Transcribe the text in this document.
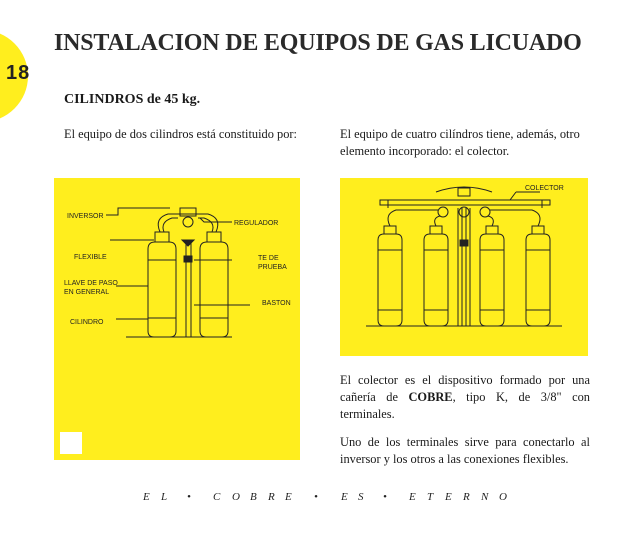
18
INSTALACION DE EQUIPOS DE GAS LICUADO
CILINDROS de 45 kg.

El equipo de dos cilindros está constituido por:	El equipo de cuatro cilíndros tiene, además, otro elemento incorporado: el colector.

INVERSOR
REGULADOR
FLEXIBLE	TE DE
PRUEBA
LLAVE DE PASO
EN GENERAL
BASTON
CILINDRO
COLECTOR

El colector es el dispositivo formado por una cañería de COBRE, tipo K, de 3/8" con terminales.

Uno de los terminales sirve para conectarlo al inversor y los otros a las conexiones flexibles.

E L • C O B R E • E S • E T E R N O
